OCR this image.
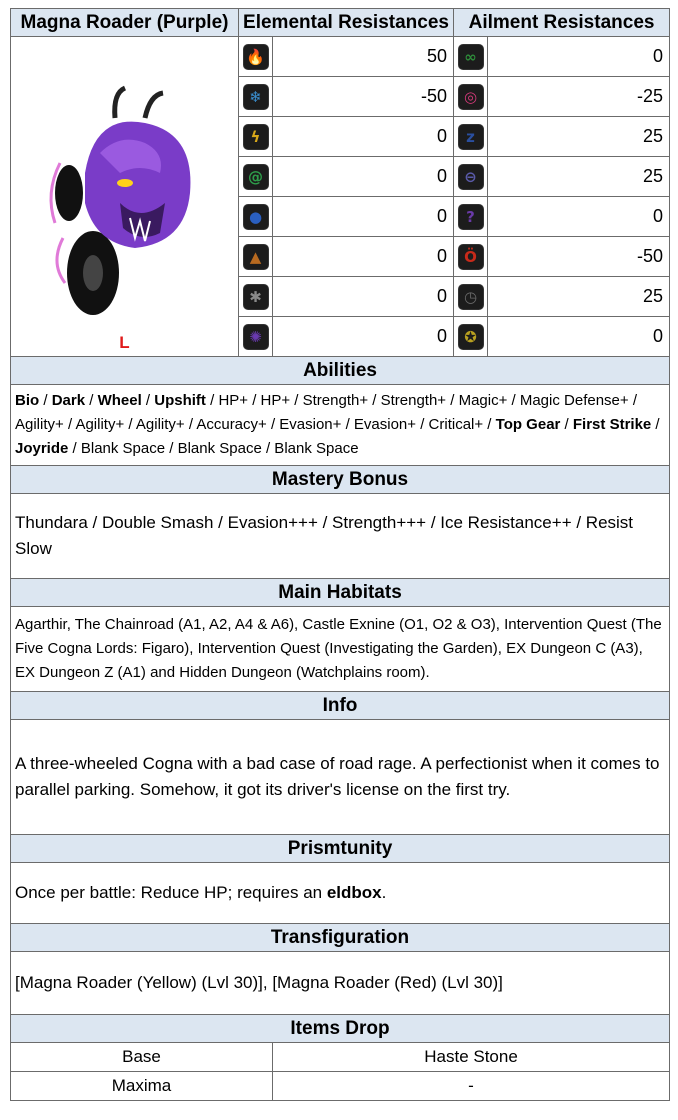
Magna Roader (Purple)	Elemental Resistances		Ailment Resistances	

L	🔥	50	∞	0

	❄	-50	◎	-25

	ϟ	0	z	25

	@	0	⊖	25

	●	0	?	0

	▲	0	Ö	-50

	✱	0	◷	25

	✺	0	✪	0
Abilities				
Bio / Dark / Wheel / Upshift / HP+ / HP+ / Strength+ / Strength+ / Magic+ / Magic Defense+ / Agility+ / Agility+ / Agility+ / Accuracy+ / Evasion+ / Evasion+ / Critical+ / Top Gear / First Strike / Joyride / Blank Space / Blank Space / Blank Space				
Mastery Bonus				
Thundara / Double Smash / Evasion+++ / Strength+++ / Ice Resistance++ / Resist Slow				
Main Habitats				
Agarthir, The Chainroad (A1, A2, A4 & A6), Castle Exnine (O1, O2 & O3), Intervention Quest (The Five Cogna Lords: Figaro), Intervention Quest (Investigating the Garden), EX Dungeon C (A3), EX Dungeon Z (A1) and Hidden Dungeon (Watchplains room).				
Info				
A three-wheeled Cogna with a bad case of road rage. A perfectionist when it comes to parallel parking. Somehow, it got its driver's license on the first try.				
Prismtunity				
Once per battle: Reduce HP; requires an eldbox.				
Transfiguration				
[Magna Roader (Yellow) (Lvl 30)], [Magna Roader (Red) (Lvl 30)]				
Items Drop				
Base		Haste Stone		
Maxima		-		
